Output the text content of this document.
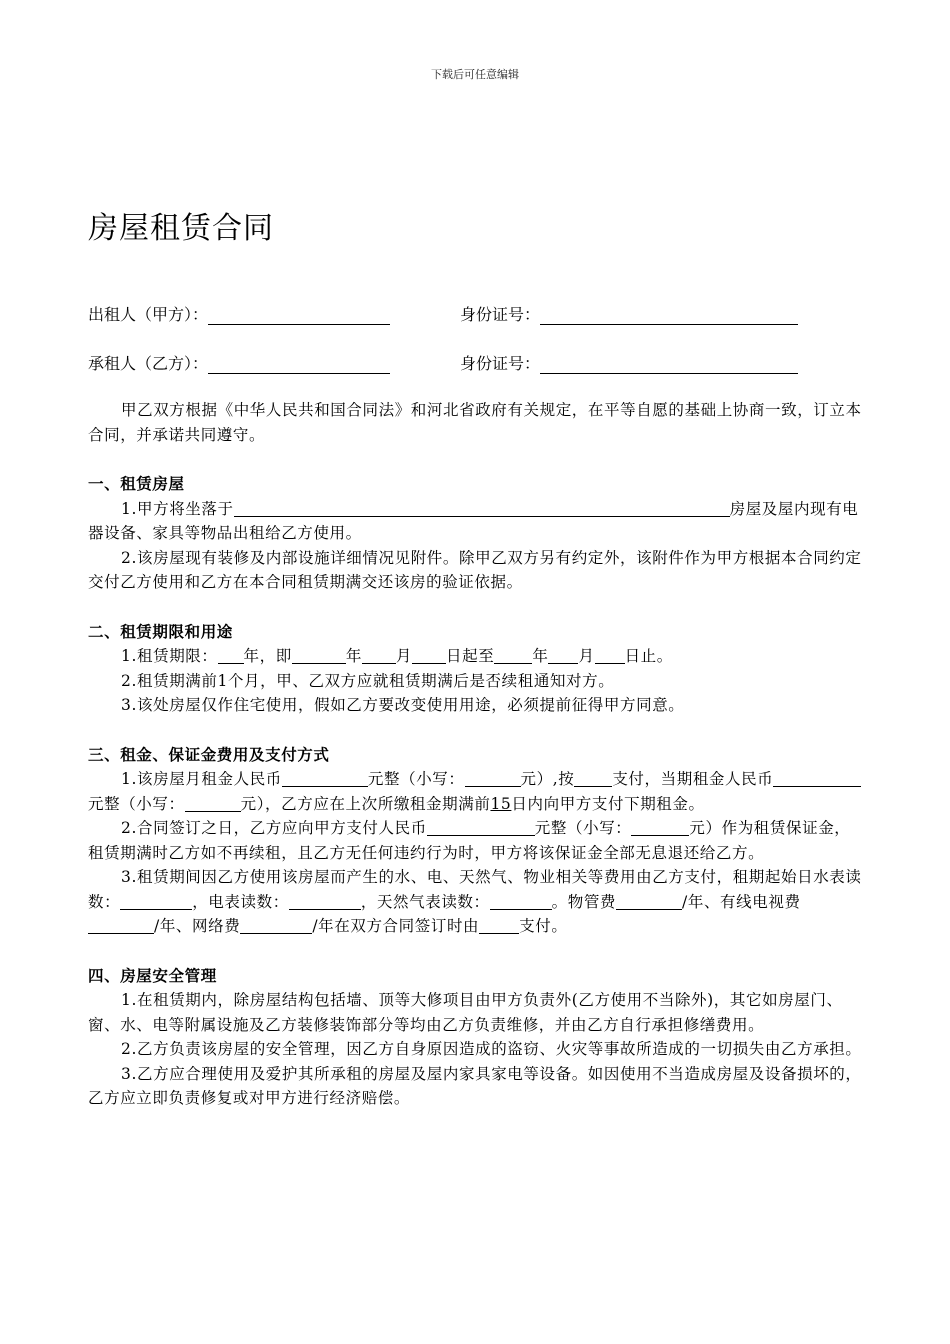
下载后可任意编辑
房屋租赁合同
出租人（甲方）：	身份证号：
承租人（乙方）：	身份证号：

甲乙双方根据《中华人民共和国合同法》和河北省政府有关规定，在平等自愿的基础上协商一致，订立本合同，并承诺共同遵守。

一、租赁房屋

1.甲方将坐落于	房屋及屋内现有电器设备、家具等物品出租给乙方使用。

2.该房屋现有装修及内部设施详细情况见附件。除甲乙双方另有约定外，该附件作为甲方根据本合同约定交付乙方使用和乙方在本合同租赁期满交还该房的验证依据。

二、租赁期限和用途

1.租赁期限： 年，即	年 月 日起至 年 月 日止。

2.租赁期满前1个月，甲、乙双方应就租赁期满后是否续租通知对方。

3.该处房屋仅作住宅使用，假如乙方要改变使用用途，必须提前征得甲方同意。

三、租金、保证金费用及支付方式

1.该房屋月租金人民币	元整（小写：	元）,按 支付，当期租金人民币元整（小写：	元），乙方应在上次所缴租金期满前15日内向甲方支付下期租金。

2.合同签订之日，乙方应向甲方支付人民币	元整（小写：	元）作为租赁保证金，租赁期满时乙方如不再续租，且乙方无任何违约行为时，甲方将该保证金全部无息退还给乙方。

3.租赁期间因乙方使用该房屋而产生的水、电、天然气、物业相关等费用由乙方支付，租期起始日水表读数：	，电表读数：	，天然气表读数：	。物管费	/年、有线电视费/年、网络费	/年在双方合同签订时由	支付。

四、房屋安全管理

1.在租赁期内，除房屋结构包括墙、顶等大修项目由甲方负责外(乙方使用不当除外)，其它如房屋门、窗、水、电等附属设施及乙方装修装饰部分等均由乙方负责维修，并由乙方自行承担修缮费用。

2.乙方负责该房屋的安全管理，因乙方自身原因造成的盗窃、火灾等事故所造成的一切损失由乙方承担。

3.乙方应合理使用及爱护其所承租的房屋及屋内家具家电等设备。如因使用不当造成房屋及设备损坏的，乙方应立即负责修复或对甲方进行经济赔偿。
